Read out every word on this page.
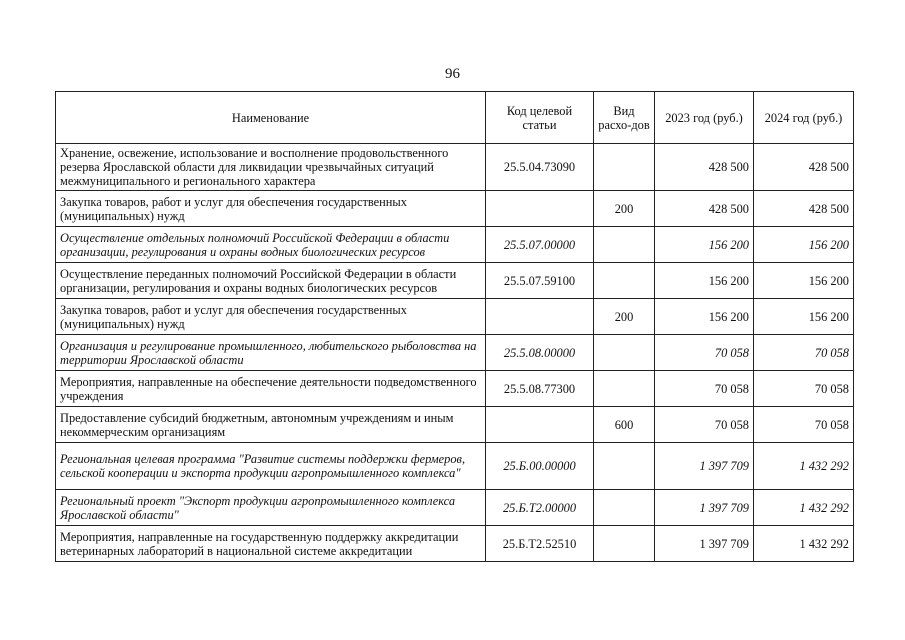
96
Наименование	Код целевой статьи	Вид расхо-дов	2023 год (руб.)	2024 год (руб.)
Хранение, освежение, использование и восполнение продовольственного резерва Ярославской области для ликвидации чрезвычайных ситуаций межмуниципального и регионального характера	25.5.04.73090		428 500	428 500
Закупка товаров, работ и услуг для обеспечения государственных (муниципальных) нужд		200	428 500	428 500
Осуществление отдельных полномочий Российской Федерации в области организации, регулирования и охраны водных биологических ресурсов	25.5.07.00000		156 200	156 200
Осуществление переданных полномочий Российской Федерации в области организации, регулирования и охраны водных биологических ресурсов	25.5.07.59100		156 200	156 200
Закупка товаров, работ и услуг для обеспечения государственных (муниципальных) нужд		200	156 200	156 200
Организация и регулирование промышленного, любительского рыболовства на территории Ярославской области	25.5.08.00000		70 058	70 058
Мероприятия, направленные на обеспечение деятельности подведомственного учреждения	25.5.08.77300		70 058	70 058
Предоставление субсидий бюджетным, автономным учреждениям и иным некоммерческим организациям		600	70 058	70 058
Региональная целевая программа "Развитие системы поддержки фермеров, сельской кооперации и экспорта продукции агропромышленного комплекса"	25.Б.00.00000		1 397 709	1 432 292
Региональный проект "Экспорт продукции агропромышленного комплекса Ярославской области"	25.Б.Т2.00000		1 397 709	1 432 292
Мероприятия, направленные на государственную поддержку аккредитации ветеринарных лабораторий в национальной системе аккредитации	25.Б.Т2.52510		1 397 709	1 432 292
